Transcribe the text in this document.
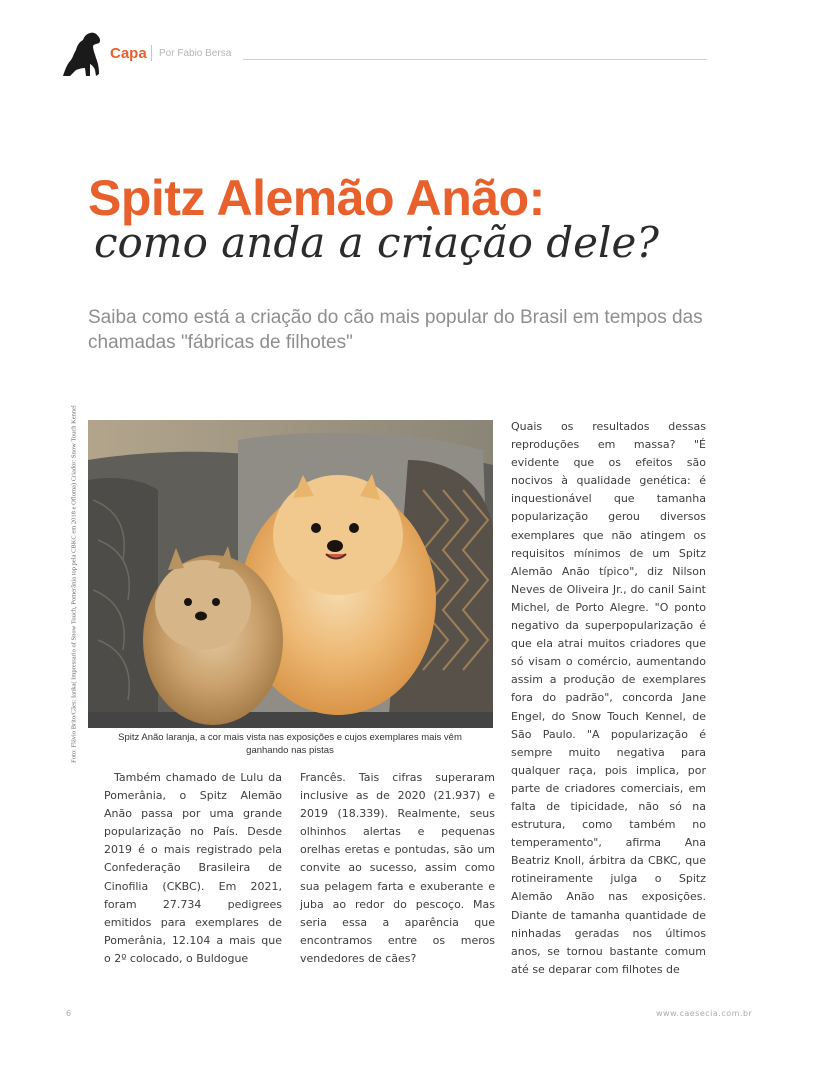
Capa Por Fabio Bersa
Spitz Alemão Anão:
como anda a criação dele?
Saiba como está a criação do cão mais popular do Brasil em tempos das chamadas "fábricas de filhotes"
Foto: Flávio Brito/Cães: Ianka( Impressario of Snow Touch, Pomerânia top pela CBKC em 2018 e Ofloma) Criador: Snow Touch Kennel	Spitz Anão laranja, a cor mais vista nas exposições e cujos exemplares mais vêm ganhando nas pistas

Também chamado de Lulu da Pomerânia, o Spitz Alemão Anão passa por uma grande popularização no País. Desde 2019 é o mais registrado pela Confederação Brasileira de Cinofilia (CKBC). Em 2021, foram 27.734 pedigrees emitidos para exemplares de Pomerânia, 12.104 a mais que o 2º colocado, o Buldogue

Francês. Tais cifras superaram inclusive as de 2020 (21.937) e 2019 (18.339). Realmente, seus olhinhos alertas e pequenas orelhas eretas e pontudas, são um convite ao sucesso, assim como sua pelagem farta e exuberante e juba ao redor do pescoço. Mas seria essa a aparência que encontramos entre os meros vendedores de cães?

Quais os resultados dessas reproduções em massa? "É evidente que os efeitos são nocivos à qualidade genética: é inquestionável que tamanha popularização gerou diversos exemplares que não atingem os requisitos mínimos de um Spitz Alemão Anão típico", diz Nilson Neves de Oliveira Jr., do canil Saint Michel, de Porto Alegre. "O ponto negativo da superpopularização é que ela atrai muitos criadores que só visam o comércio, aumentando assim a produção de exemplares fora do padrão", concorda Jane Engel, do Snow Touch Kennel, de São Paulo. "A popularização é sempre muito negativa para qualquer raça, pois implica, por parte de criadores comerciais, em falta de tipicidade, não só na estrutura, como também no temperamento", afirma Ana Beatriz Knoll, árbitra da CBKC, que rotineiramente julga o Spitz Alemão Anão nas exposições. Diante de tamanha quantidade de ninhadas geradas nos últimos anos, se tornou bastante comum até se deparar com filhotes de

6	www.caesecia.com.br
